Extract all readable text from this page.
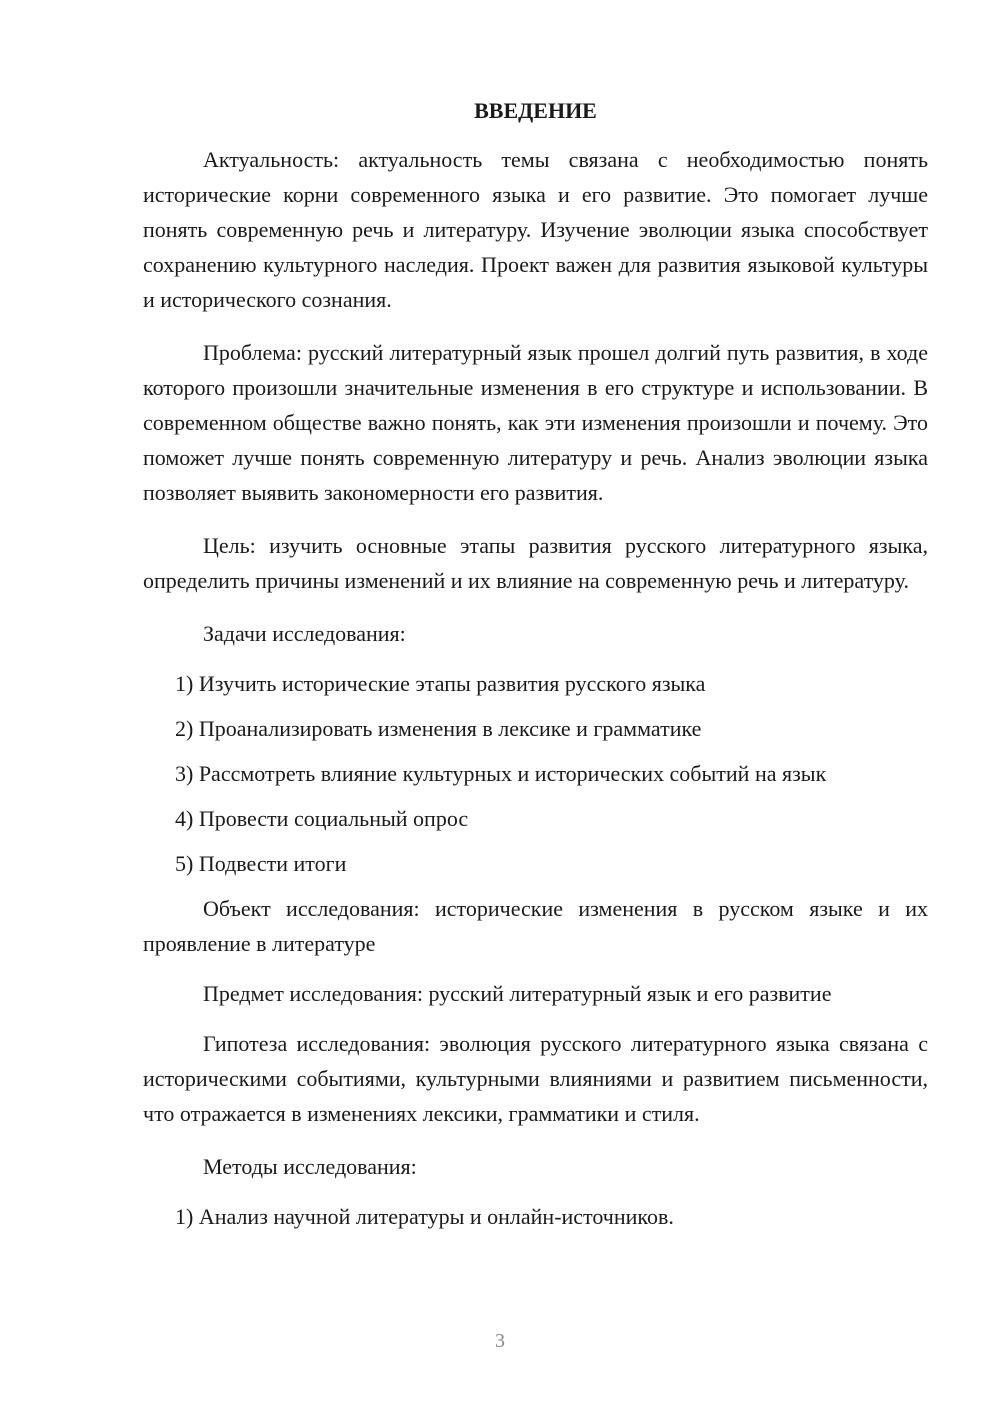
ВВЕДЕНИЕ

Актуальность: актуальность темы связана с необходимостью понять исторические корни современного языка и его развитие. Это помогает лучше понять современную речь и литературу. Изучение эволюции языка способствует сохранению культурного наследия. Проект важен для развития языковой культуры и исторического сознания.

Проблема: русский литературный язык прошел долгий путь развития, в ходе которого произошли значительные изменения в его структуре и использовании. В современном обществе важно понять, как эти изменения произошли и почему. Это поможет лучше понять современную литературу и речь. Анализ эволюции языка позволяет выявить закономерности его развития.

Цель: изучить основные этапы развития русского литературного языка, определить причины изменений и их влияние на современную речь и литературу.

Задачи исследования:

1) Изучить исторические этапы развития русского языка
2) Проанализировать изменения в лексике и грамматике
3) Рассмотреть влияние культурных и исторических событий на язык
4) Провести социальный опрос
5) Подвести итоги

Объект исследования: исторические изменения в русском языке и их проявление в литературе

Предмет исследования: русский литературный язык и его развитие

Гипотеза исследования: эволюция русского литературного языка связана с историческими событиями, культурными влияниями и развитием письменности, что отражается в изменениях лексики, грамматики и стиля.

Методы исследования:

1) Анализ научной литературы и онлайн-источников.
3
